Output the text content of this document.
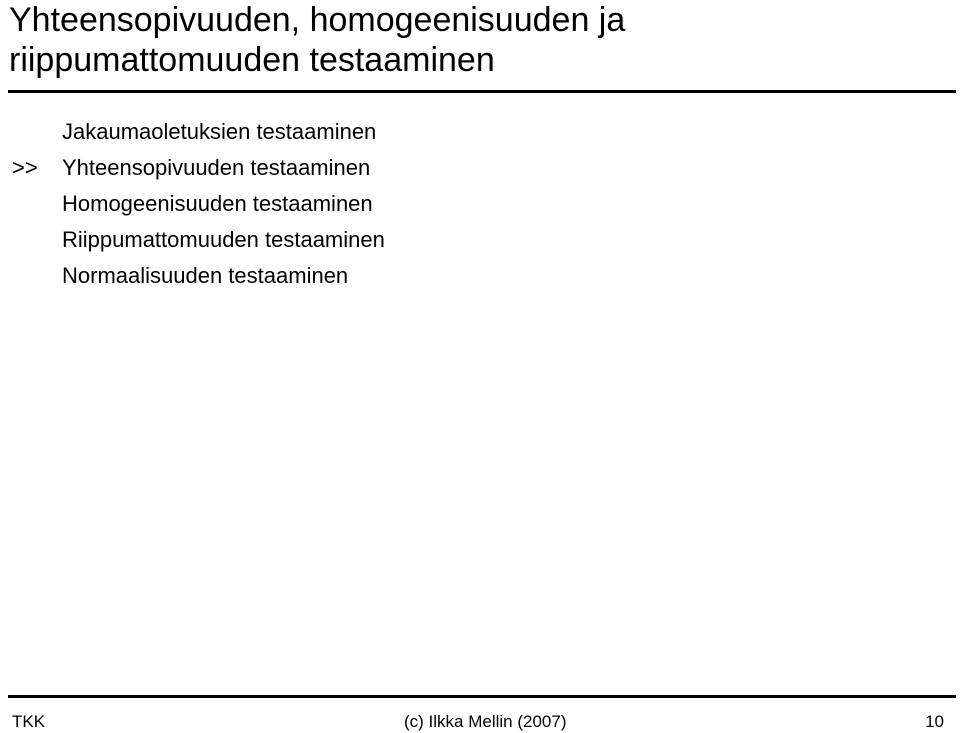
Yhteensopivuuden, homogeenisuuden ja
riippumattomuuden testaaminen
Jakaumaoletuksien testaaminen
>> Yhteensopivuuden testaaminen
Homogeenisuuden testaaminen
Riippumattomuuden testaaminen
Normaalisuuden testaaminen
TKK	(c) Ilkka Mellin (2007)	10
